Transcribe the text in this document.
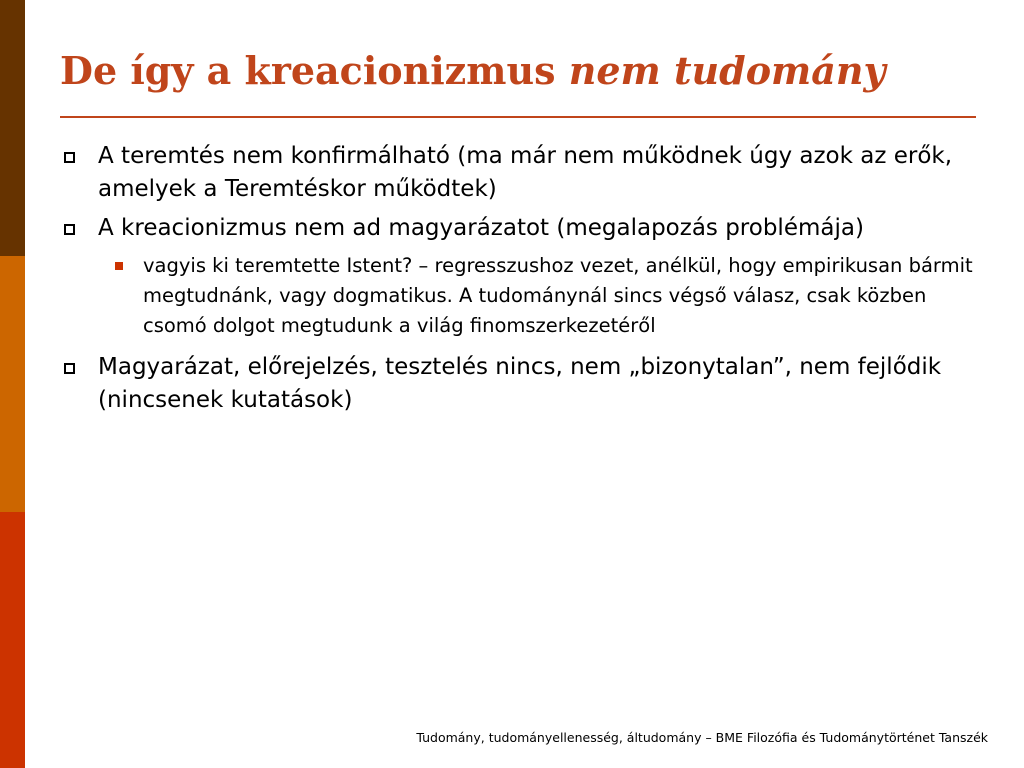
De így a kreacionizmus nem tudomány
A teremtés nem konfirmálható (ma már nem működnek úgy azok az erők, amelyek a Teremtéskor működtek)
A kreacionizmus nem ad magyarázatot (megalapozás problémája)
vagyis ki teremtette Istent? – regresszushoz vezet, anélkül, hogy empirikusan bármit megtudnánk, vagy dogmatikus. A tudománynál sincs végső válasz, csak közben csomó dolgot megtudunk a világ finomszerkezetéről
Magyarázat, előrejelzés, tesztelés nincs, nem „bizonytalan”, nem fejlődik (nincsenek kutatások)
Tudomány, tudományellenesség, áltudomány – BME Filozófia és Tudománytörténet Tanszék
